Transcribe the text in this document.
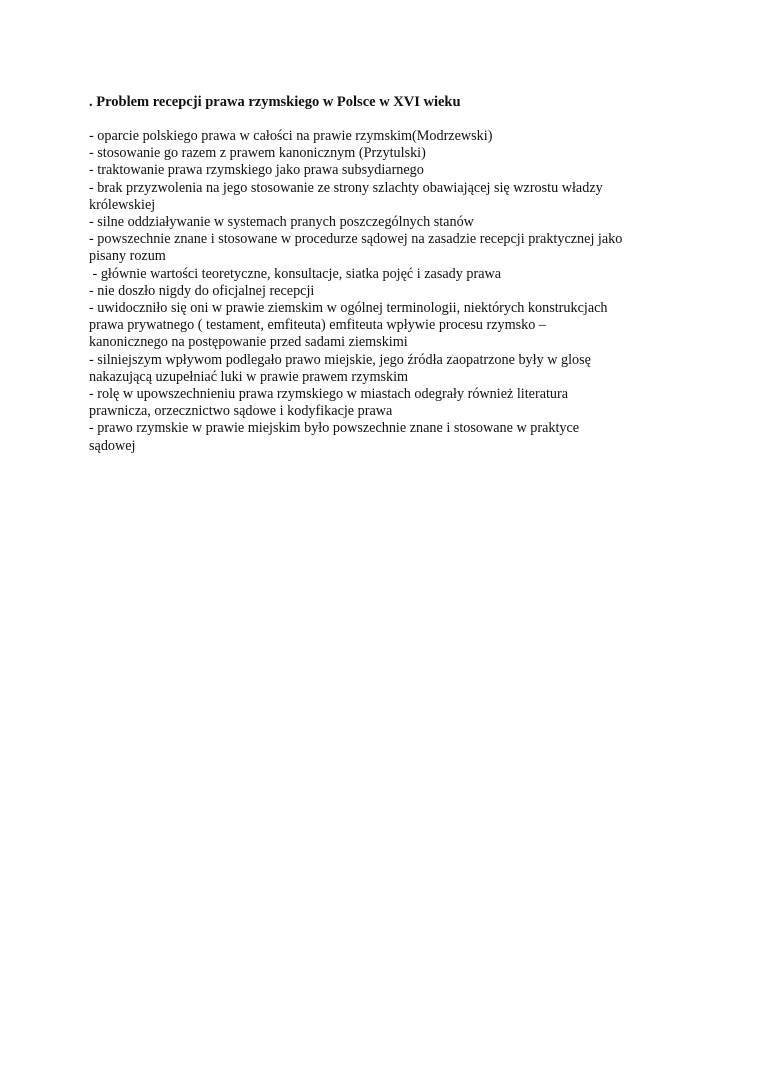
. Problem recepcji prawa rzymskiego w Polsce w XVI wieku
- oparcie polskiego prawa w całości na prawie rzymskim(Modrzewski)
- stosowanie go razem z prawem kanonicznym (Przytulski)
- traktowanie prawa rzymskiego jako prawa subsydiarnego
- brak przyzwolenia na jego stosowanie ze strony szlachty obawiającej się wzrostu władzy
królewskiej
- silne oddziaływanie w systemach pranych poszczególnych stanów
- powszechnie znane i stosowane w procedurze sądowej na zasadzie recepcji praktycznej jako
pisany rozum
- głównie wartości teoretyczne, konsultacje, siatka pojęć i zasady prawa
- nie doszło nigdy do oficjalnej recepcji
- uwidoczniło się oni w prawie ziemskim w ogólnej terminologii, niektórych konstrukcjach
prawa prywatnego ( testament, emfiteuta) emfiteuta wpływie procesu rzymsko –
kanonicznego na postępowanie przed sadami ziemskimi
- silniejszym wpływom podlegało prawo miejskie, jego źródła zaopatrzone były w glosę
nakazującą uzupełniać luki w prawie prawem rzymskim
- rolę w upowszechnieniu prawa rzymskiego w miastach odegrały również literatura
prawnicza, orzecznictwo sądowe i kodyfikacje prawa
- prawo rzymskie w prawie miejskim było powszechnie znane i stosowane w praktyce
sądowej
